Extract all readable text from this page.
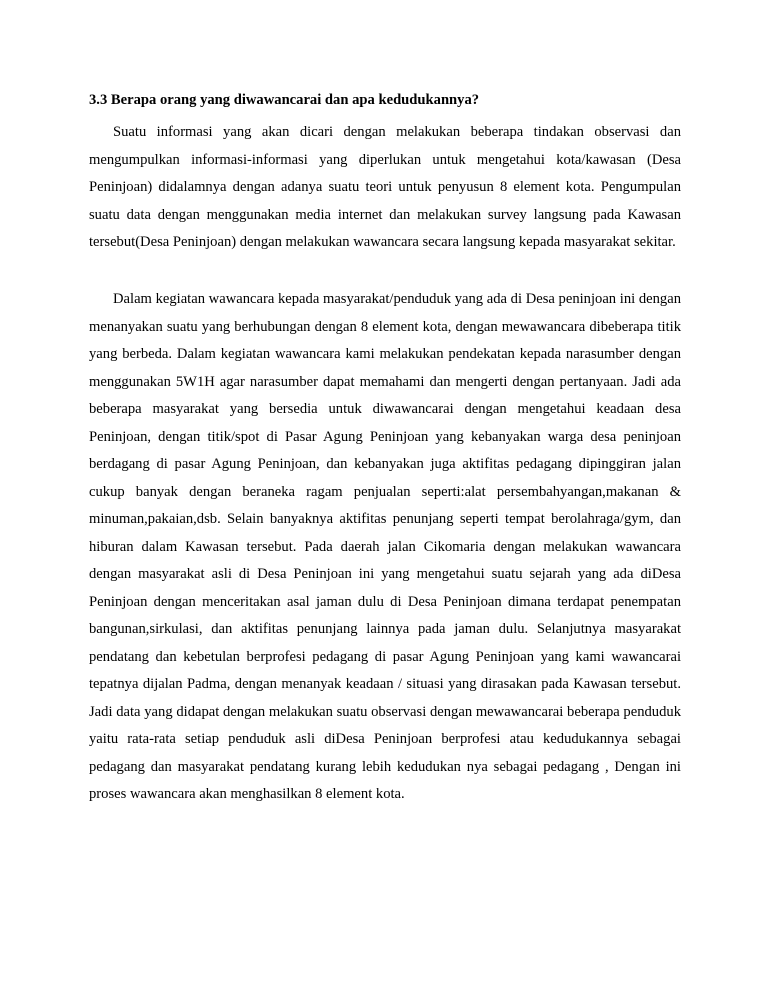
3.3 Berapa orang yang diwawancarai dan apa kedudukannya?

Suatu informasi yang akan dicari dengan melakukan beberapa tindakan observasi dan mengumpulkan informasi-informasi yang diperlukan untuk mengetahui kota/kawasan (Desa Peninjoan) didalamnya dengan adanya suatu teori untuk penyusun 8 element kota. Pengumpulan suatu data dengan menggunakan media internet dan melakukan survey langsung pada Kawasan tersebut(Desa Peninjoan) dengan melakukan wawancara secara langsung kepada masyarakat sekitar.

Dalam kegiatan wawancara kepada masyarakat/penduduk yang ada di Desa peninjoan ini dengan menanyakan suatu yang berhubungan dengan 8 element kota, dengan mewawancara dibeberapa titik yang berbeda. Dalam kegiatan wawancara kami melakukan pendekatan kepada narasumber dengan menggunakan 5W1H agar narasumber dapat memahami dan mengerti dengan pertanyaan. Jadi ada beberapa masyarakat yang bersedia untuk diwawancarai dengan mengetahui keadaan desa Peninjoan, dengan titik/spot di Pasar Agung Peninjoan yang kebanyakan warga desa peninjoan berdagang di pasar Agung Peninjoan, dan kebanyakan juga aktifitas pedagang dipinggiran jalan cukup banyak dengan beraneka ragam penjualan seperti:alat persembahyangan,makanan & minuman,pakaian,dsb. Selain banyaknya aktifitas penunjang seperti tempat berolahraga/gym, dan hiburan dalam Kawasan tersebut. Pada daerah jalan Cikomaria dengan melakukan wawancara dengan masyarakat asli di Desa Peninjoan ini yang mengetahui suatu sejarah yang ada diDesa Peninjoan dengan menceritakan asal jaman dulu di Desa Peninjoan dimana terdapat penempatan bangunan,sirkulasi, dan aktifitas penunjang lainnya pada jaman dulu. Selanjutnya masyarakat pendatang dan kebetulan berprofesi pedagang di pasar Agung Peninjoan yang kami wawancarai tepatnya dijalan Padma, dengan menanyak keadaan / situasi yang dirasakan pada Kawasan tersebut. Jadi data yang didapat dengan melakukan suatu observasi dengan mewawancarai beberapa penduduk yaitu rata-rata setiap penduduk asli diDesa Peninjoan berprofesi atau kedudukannya sebagai pedagang dan masyarakat pendatang kurang lebih kedudukan nya sebagai pedagang , Dengan ini proses wawancara akan menghasilkan 8 element kota.
